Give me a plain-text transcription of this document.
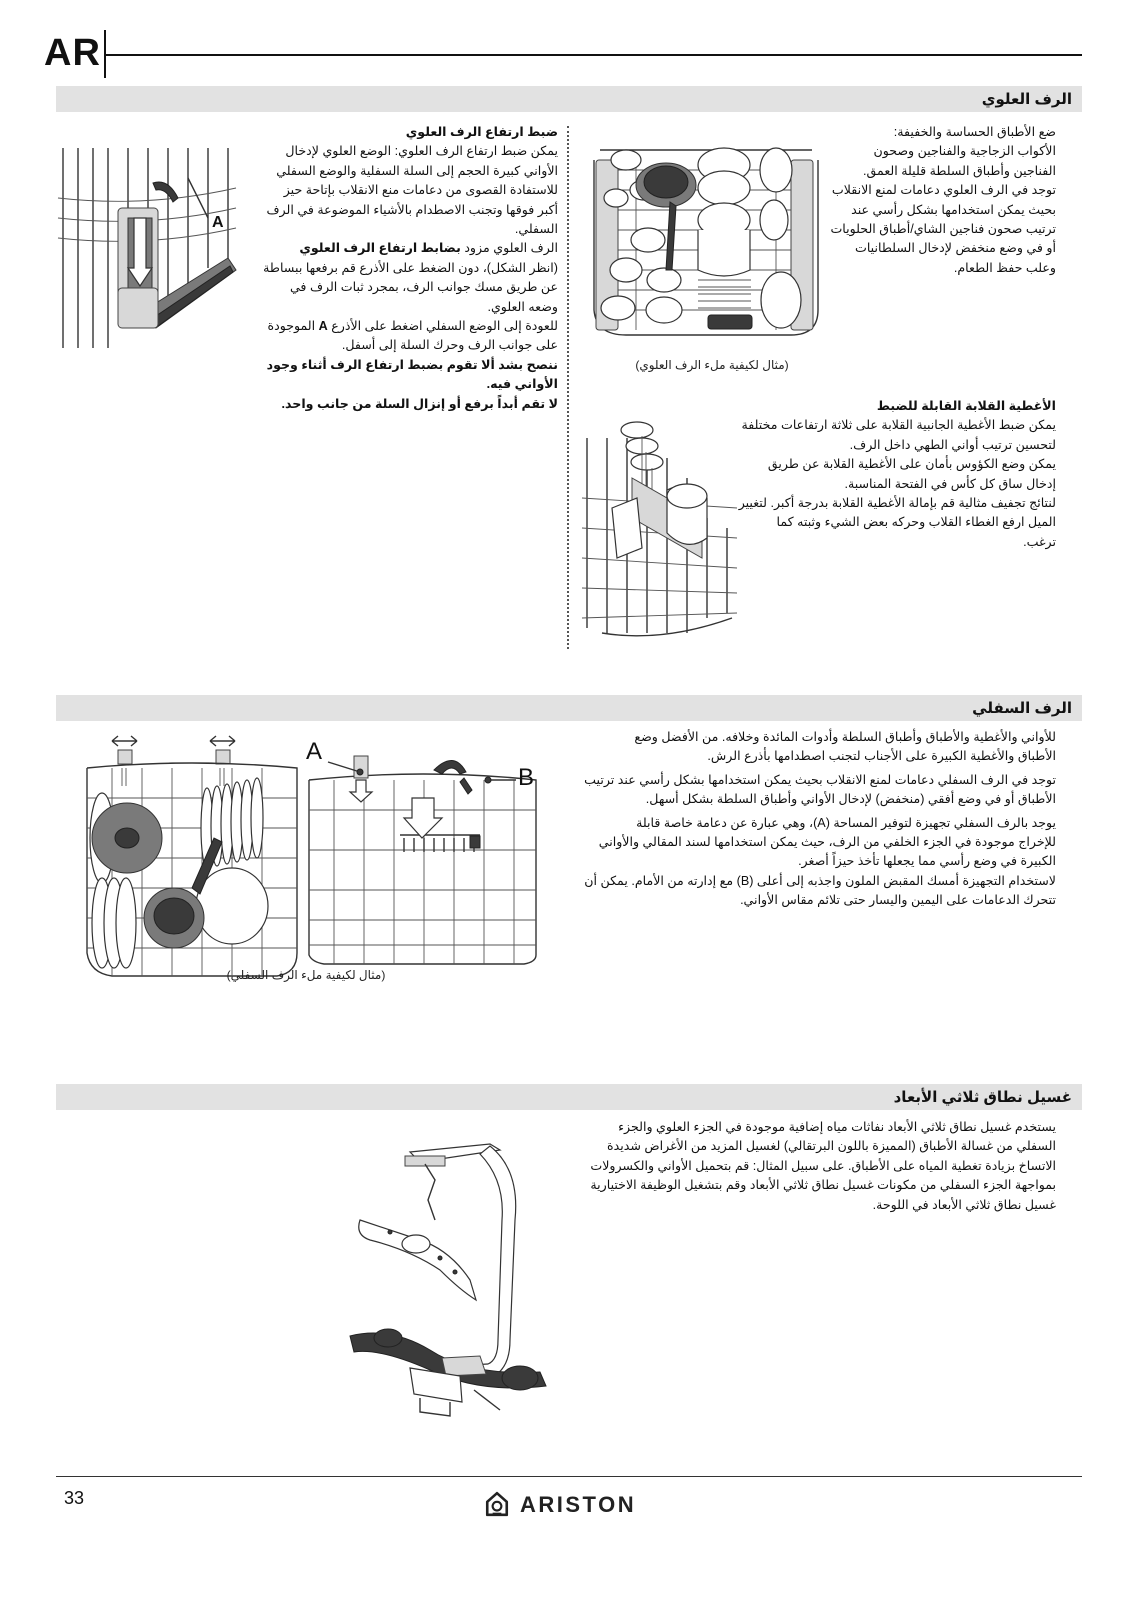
AR
الرف العلوي

ضع الأطباق الحساسة والخفيفة:

الأكواب الزجاجية والفناجين وصحون

الفناجين وأطباق السلطة قليلة العمق.

توجد في الرف العلوي دعامات لمنع الانقلاب

بحيث يمكن استخدامها بشكل رأسي عند

ترتيب صحون فناجين الشاي/أطباق الحلويات

أو في وضع منخفض لإدخال السلطانيات

وعلب حفظ الطعام.

(مثال لكيفية ملء الرف العلوي)

ضبط ارتفاع الرف العلوي

يمكن ضبط ارتفاع الرف العلوي: الوضع العلوي لإدخال

الأواني كبيرة الحجم إلى السلة السفلية والوضع السفلي

للاستفادة القصوى من دعامات منع الانقلاب بإتاحة حيز

أكبر فوقها وتجنب الاصطدام بالأشياء الموضوعة في الرف

السفلي.

الرف العلوي مزود بضابط ارتفاع الرف العلوي

(انظر الشكل)، دون الضغط على الأذرع قم برفعها ببساطة

عن طريق مسك جوانب الرف، بمجرد ثبات الرف في

وضعه العلوي.

للعودة إلى الوضع السفلي اضغط على الأذرع A الموجودة

على جوانب الرف وحرك السلة إلى أسفل.

ننصح بشد ألا تقوم بضبط ارتفاع الرف أثناء وجود

الأواني فيه.

لا تقم أبداً برفع أو إنزال السلة من جانب واحد.

A

الأغطية القلابة القابلة للضبط

يمكن ضبط الأغطية الجانبية القلابة على ثلاثة ارتفاعات مختلفة

لتحسين ترتيب أواني الطهي داخل الرف.

يمكن وضع الكؤوس بأمان على الأغطية القلابة عن طريق

إدخال ساق كل كأس في الفتحة المناسبة.

لنتائج تجفيف مثالية قم بإمالة الأغطية القلابة بدرجة أكبر. لتغيير

الميل ارفع الغطاء القلاب وحركه بعض الشيء وثبته كما

ترغب.

الرف السفلي

للأواني والأغطية والأطباق وأطباق السلطة وأدوات المائدة وخلافه. من الأفضل وضع

الأطباق والأغطية الكبيرة على الأجناب لتجنب اصطدامها بأذرع الرش.

توجد في الرف السفلي دعامات لمنع الانقلاب بحيث يمكن استخدامها بشكل رأسي عند ترتيب

الأطباق أو في وضع أفقي (منخفض) لإدخال الأواني وأطباق السلطة بشكل أسهل.

يوجد بالرف السفلي تجهيزة لتوفير المساحة (A)، وهي عبارة عن دعامة خاصة قابلة

للإخراج موجودة في الجزء الخلفي من الرف، حيث يمكن استخدامها لسند المقالي والأواني

الكبيرة في وضع رأسي مما يجعلها تأخذ حيزاً أصغر.

لاستخدام التجهيزة أمسك المقبض الملون واجذبه إلى أعلى (B) مع إدارته من الأمام. يمكن أن

تتحرك الدعامات على اليمين واليسار حتى تلائم مقاس الأواني.

(مثال لكيفية ملء الرف السفلي)
A
B
غسيل نطاق ثلاثي الأبعاد

يستخدم غسيل نطاق ثلاثي الأبعاد نفاثات مياه إضافية موجودة في الجزء العلوي والجزء

السفلي من غسالة الأطباق (المميزة باللون البرتقالي) لغسيل المزيد من الأغراض شديدة

الاتساخ بزيادة تغطية المياه على الأطباق. على سبيل المثال: قم بتحميل الأواني والكسرولات

بمواجهة الجزء السفلي من مكونات غسيل نطاق ثلاثي الأبعاد وقم بتشغيل الوظيفة الاختيارية

غسيل نطاق ثلاثي الأبعاد في اللوحة.

33	ARISTON
